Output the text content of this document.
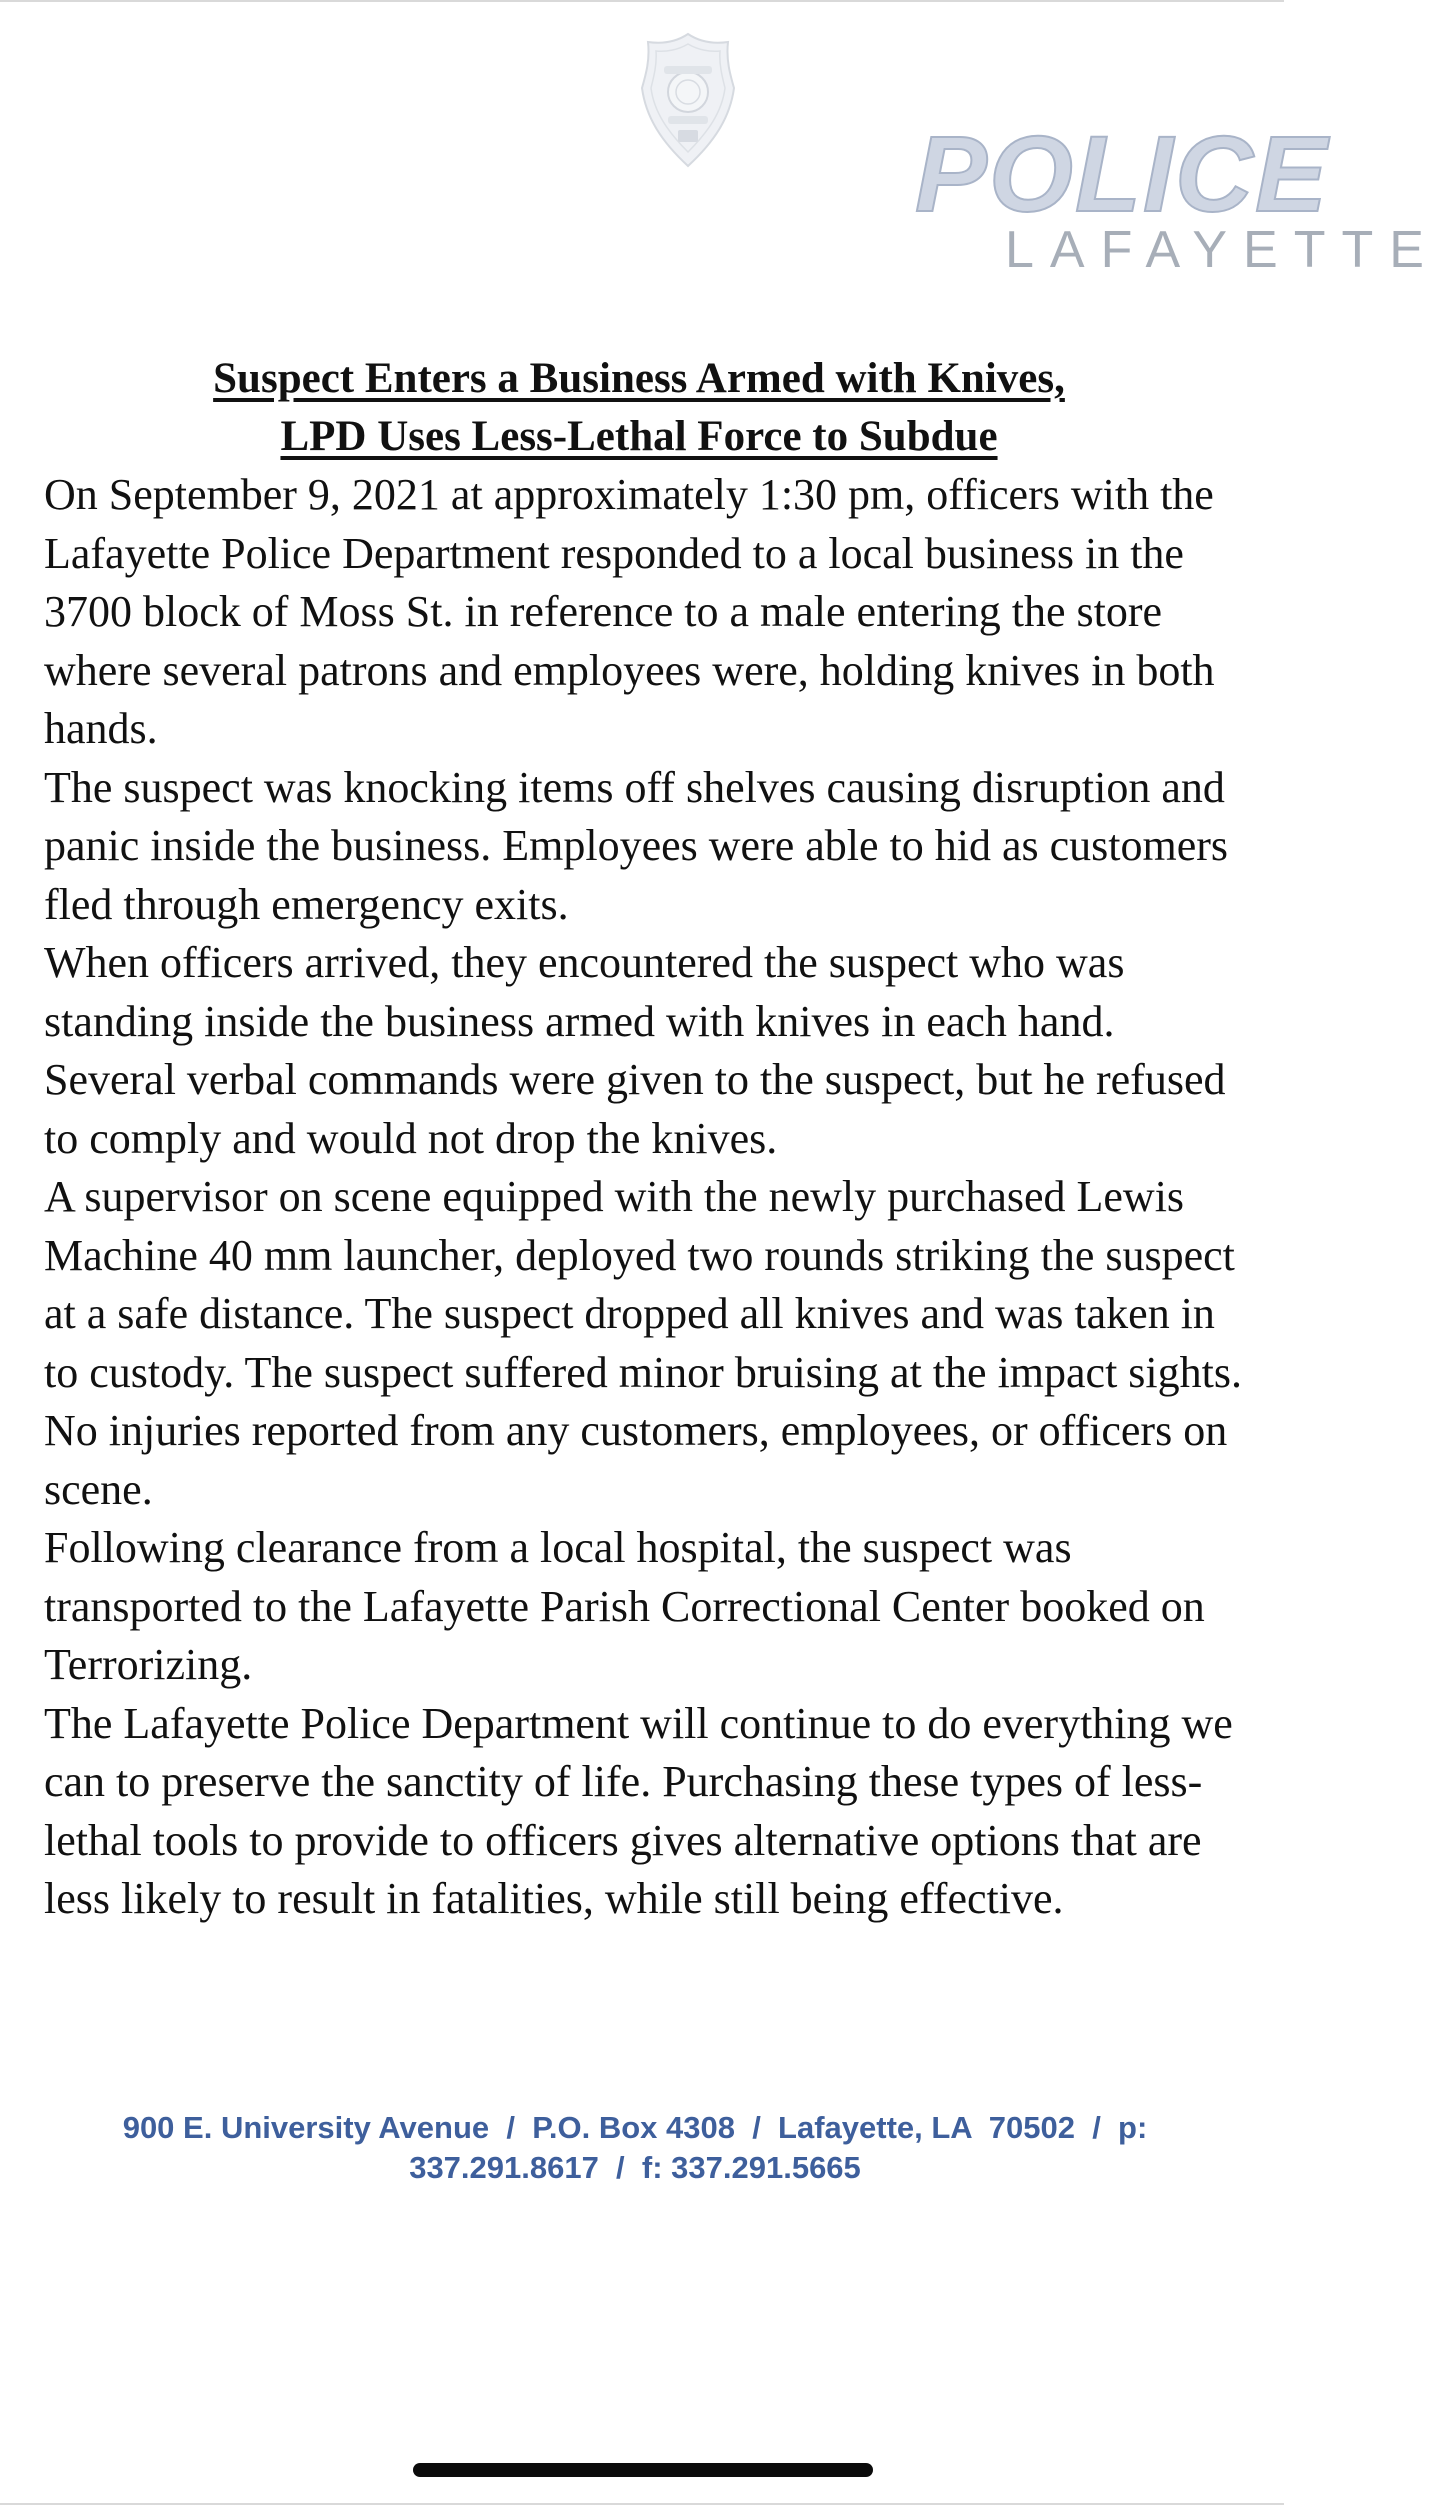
POLICE
LAFAYETTE
Suspect Enters a Business Armed with Knives,
LPD Uses Less-Lethal Force to Subdue

On September 9, 2021 at approximately 1:30 pm, officers with the Lafayette Police Department responded to a local business in the 3700 block of Moss St. in reference to a male entering the store where several patrons and employees were, holding knives in both hands.

The suspect was knocking items off shelves causing disruption and panic inside the business. Employees were able to hid as customers fled through emergency exits.

When officers arrived, they encountered the suspect who was standing inside the business armed with knives in each hand. Several verbal commands were given to the suspect, but he refused to comply and would not drop the knives.

A supervisor on scene equipped with the newly purchased Lewis Machine 40 mm launcher, deployed two rounds striking the suspect at a safe distance. The suspect dropped all knives and was taken in to custody. The suspect suffered minor bruising at the impact sights. No injuries reported from any customers, employees, or officers on scene.

Following clearance from a local hospital, the suspect was transported to the Lafayette Parish Correctional Center booked on Terrorizing.

The Lafayette Police Department will continue to do everything we can to preserve the sanctity of life. Purchasing these types of less-lethal tools to provide to officers gives alternative options that are less likely to result in fatalities, while still being effective.

900 E. University Avenue  /  P.O. Box 4308  /  Lafayette, LA  70502  /  p:
337.291.8617  /  f: 337.291.5665
